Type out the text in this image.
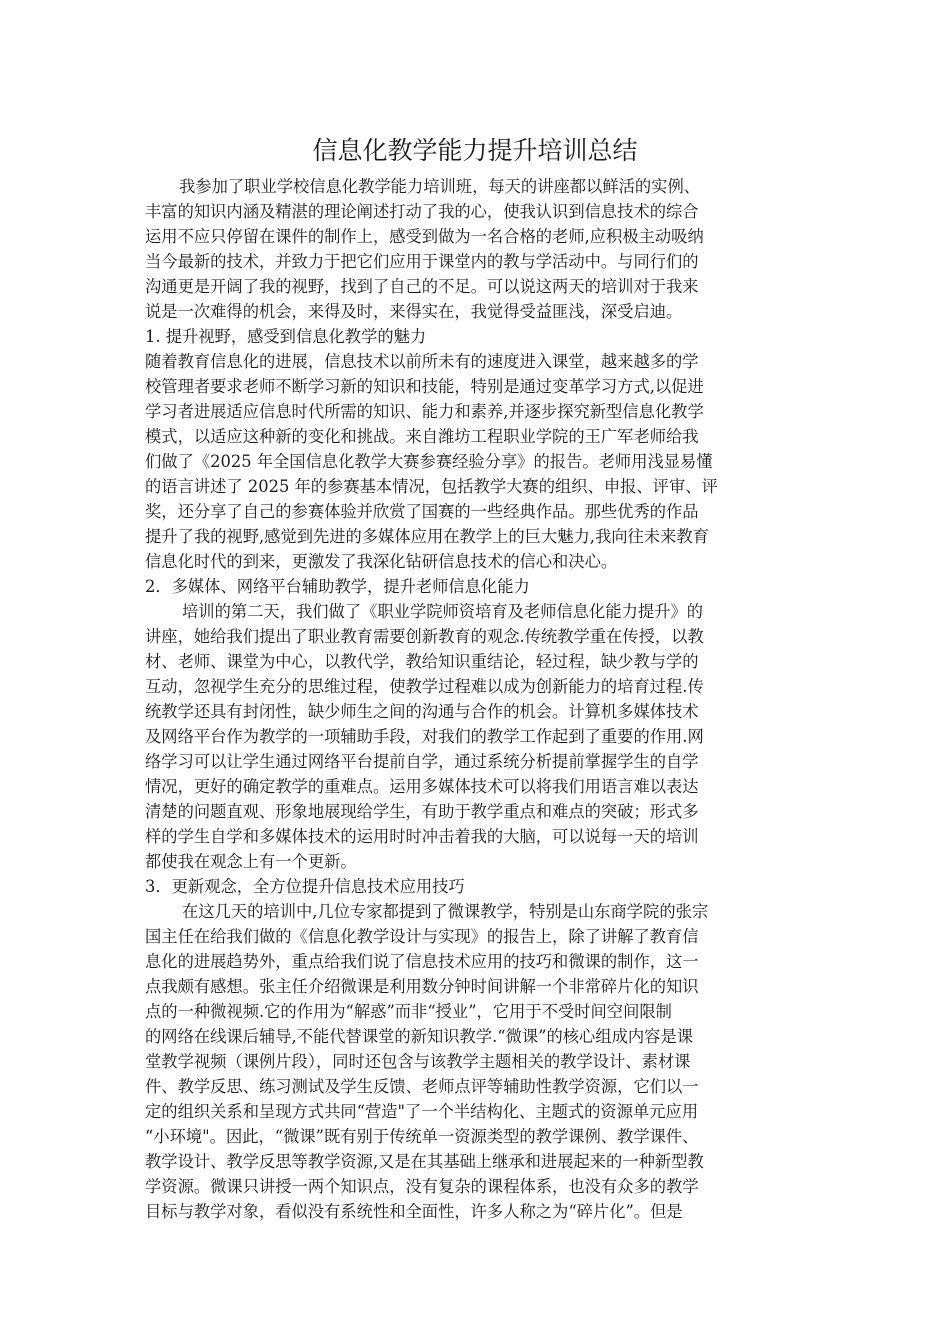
信息化教学能力提升培训总结
我参加了职业学校信息化教学能力培训班，每天的讲座都以鲜活的实例、
丰富的知识内涵及精湛的理论阐述打动了我的心，使我认识到信息技术的综合
运用不应只停留在课件的制作上，感受到做为一名合格的老师,应积极主动吸纳
当今最新的技术，并致力于把它们应用于课堂内的教与学活动中。与同行们的
沟通更是开阔了我的视野，找到了自己的不足。可以说这两天的培训对于我来
说是一次难得的机会，来得及时，来得实在，我觉得受益匪浅，深受启迪。
1. 提升视野，感受到信息化教学的魅力
随着教育信息化的进展，信息技术以前所未有的速度进入课堂，越来越多的学
校管理者要求老师不断学习新的知识和技能，特别是通过变革学习方式,以促进
学习者进展适应信息时代所需的知识、能力和素养,并逐步探究新型信息化教学
模式，以适应这种新的变化和挑战。来自潍坊工程职业学院的王广军老师给我
们做了《2025 年全国信息化教学大赛参赛经验分享》的报告。老师用浅显易懂
的语言讲述了 2025 年的参赛基本情况，包括教学大赛的组织、申报、评审、评
奖，还分享了自己的参赛体验并欣赏了国赛的一些经典作品。那些优秀的作品
提升了我的视野,感觉到先进的多媒体应用在教学上的巨大魅力,我向往未来教育
信息化时代的到来，更激发了我深化钻研信息技术的信心和决心。
2．多媒体、网络平台辅助教学，提升老师信息化能力
培训的第二天，我们做了《职业学院师资培育及老师信息化能力提升》的
讲座，她给我们提出了职业教育需要创新教育的观念.传统教学重在传授，以教
材、老师、课堂为中心，以教代学，教给知识重结论，轻过程，缺少教与学的
互动，忽视学生充分的思维过程，使教学过程难以成为创新能力的培育过程.传
统教学还具有封闭性，缺少师生之间的沟通与合作的机会。计算机多媒体技术
及网络平台作为教学的一项辅助手段，对我们的教学工作起到了重要的作用.网
络学习可以让学生通过网络平台提前自学，通过系统分析提前掌握学生的自学
情况，更好的确定教学的重难点。运用多媒体技术可以将我们用语言难以表达
清楚的问题直观、形象地展现给学生，有助于教学重点和难点的突破；形式多
样的学生自学和多媒体技术的运用时时冲击着我的大脑，可以说每一天的培训
都使我在观念上有一个更新。
3．更新观念，全方位提升信息技术应用技巧
在这几天的培训中,几位专家都提到了微课教学，特别是山东商学院的张宗
国主任在给我们做的《信息化教学设计与实现》的报告上，除了讲解了教育信
息化的进展趋势外，重点给我们说了信息技术应用的技巧和微课的制作，这一
点我颇有感想。张主任介绍微课是利用数分钟时间讲解一个非常碎片化的知识
点的一种微视频.它的作用为“解惑”而非“授业”，它用于不受时间空间限制
的网络在线课后辅导,不能代替课堂的新知识教学.“微课”的核心组成内容是课
堂教学视频（课例片段），同时还包含与该教学主题相关的教学设计、素材课
件、教学反思、练习测试及学生反馈、老师点评等辅助性教学资源，它们以一
定的组织关系和呈现方式共同“营造"了一个半结构化、主题式的资源单元应用
“小环境"。因此，“微课”既有别于传统单一资源类型的教学课例、教学课件、
教学设计、教学反思等教学资源,又是在其基础上继承和进展起来的一种新型教
学资源。微课只讲授一两个知识点，没有复杂的课程体系，也没有众多的教学
目标与教学对象，看似没有系统性和全面性，许多人称之为“碎片化”。但是
